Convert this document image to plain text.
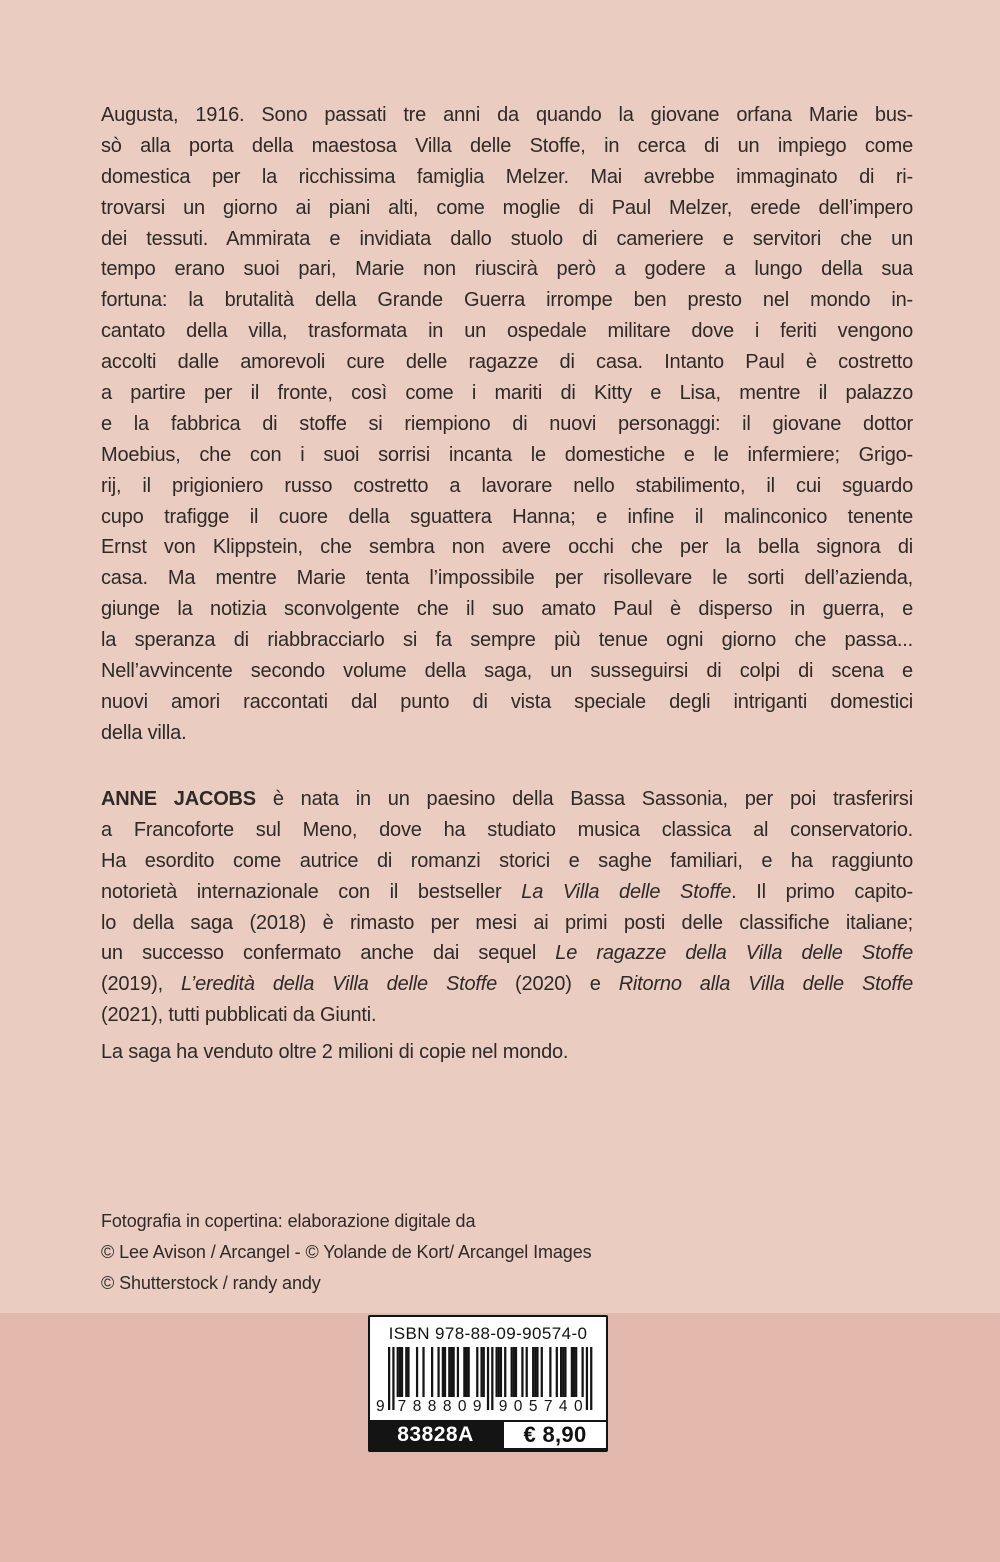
Augusta, 1916. Sono passati tre anni da quando la giovane orfana Marie bus-
sò alla porta della maestosa Villa delle Stoffe, in cerca di un impiego come
domestica per la ricchissima famiglia Melzer. Mai avrebbe immaginato di ri-
trovarsi un giorno ai piani alti, come moglie di Paul Melzer, erede dell’impero
dei tessuti. Ammirata e invidiata dallo stuolo di cameriere e servitori che un
tempo erano suoi pari, Marie non riuscirà però a godere a lungo della sua
fortuna: la brutalità della Grande Guerra irrompe ben presto nel mondo in-
cantato della villa, trasformata in un ospedale militare dove i feriti vengono
accolti dalle amorevoli cure delle ragazze di casa. Intanto Paul è costretto
a partire per il fronte, così come i mariti di Kitty e Lisa, mentre il palazzo
e la fabbrica di stoffe si riempiono di nuovi personaggi: il giovane dottor
Moebius, che con i suoi sorrisi incanta le domestiche e le infermiere; Grigo-
rij, il prigioniero russo costretto a lavorare nello stabilimento, il cui sguardo
cupo trafigge il cuore della sguattera Hanna; e infine il malinconico tenente
Ernst von Klippstein, che sembra non avere occhi che per la bella signora di
casa. Ma mentre Marie tenta l’impossibile per risollevare le sorti dell’azienda,
giunge la notizia sconvolgente che il suo amato Paul è disperso in guerra, e
la speranza di riabbracciarlo si fa sempre più tenue ogni giorno che passa...
Nell’avvincente secondo volume della saga, un susseguirsi di colpi di scena e
nuovi amori raccontati dal punto di vista speciale degli intriganti domestici
della villa.
ANNE JACOBS è nata in un paesino della Bassa Sassonia, per poi trasferirsi
a Francoforte sul Meno, dove ha studiato musica classica al conservatorio.
Ha esordito come autrice di romanzi storici e saghe familiari, e ha raggiunto
notorietà internazionale con il bestseller La Villa delle Stoffe. Il primo capito-
lo della saga (2018) è rimasto per mesi ai primi posti delle classifiche italiane;
un successo confermato anche dai sequel Le ragazze della Villa delle Stoffe
(2019), L’eredità della Villa delle Stoffe (2020) e Ritorno alla Villa delle Stoffe
(2021), tutti pubblicati da Giunti.
La saga ha venduto oltre 2 milioni di copie nel mondo.
Fotografia in copertina: elaborazione digitale da
© Lee Avison / Arcangel - © Yolande de Kort/ Arcangel Images
© Shutterstock / randy andy
ISBN 978-88-09-90574-0
9 7	9
8	0
8	5
8	7
0	4
9	0
83828A	€ 8,90
